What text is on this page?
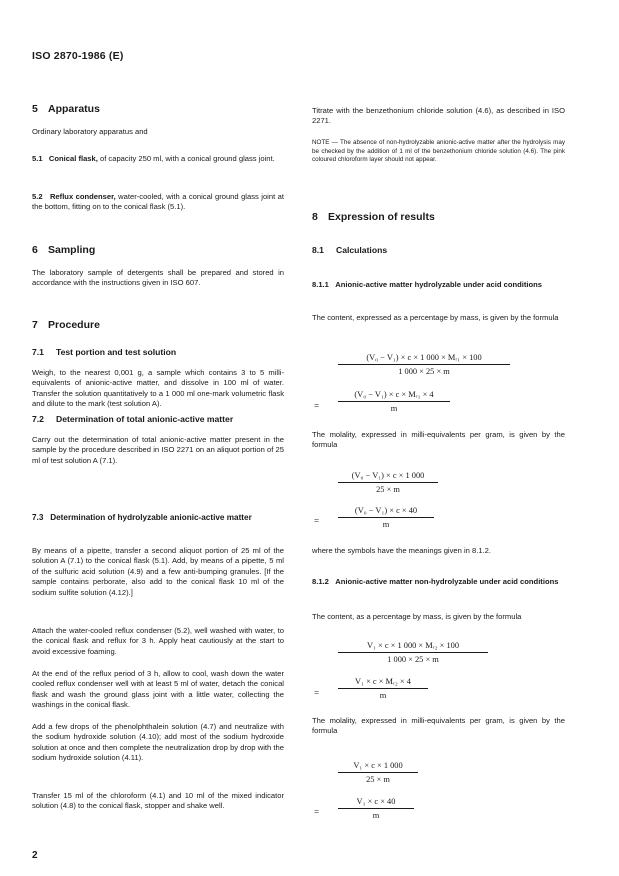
ISO 2870-1986 (E)
5 Apparatus

Ordinary laboratory apparatus and

5.1 Conical flask, of capacity 250 ml, with a conical ground glass joint.

5.2 Reflux condenser, water-cooled, with a conical ground glass joint at the bottom, fitting on to the conical flask (5.1).

6 Sampling

The laboratory sample of detergents shall be prepared and stored in accordance with the instructions given in ISO 607.

7 Procedure
7.1 Test portion and test solution

Weigh, to the nearest 0,001 g, a sample which contains 3 to 5 milli-equivalents of anionic-active matter, and dissolve in 100 ml of water. Transfer the solution quantitatively to a 1 000 ml one-mark volumetric flask and dilute to the mark (test solution A).

7.2 Determination of total anionic-active matter

Carry out the determination of total anionic-active matter present in the sample by the procedure described in ISO 2271 on an aliquot portion of 25 ml of test solution A (7.1).

7.3 Determination of hydrolyzable anionic-active matter

By means of a pipette, transfer a second aliquot portion of 25 ml of the solution A (7.1) to the conical flask (5.1). Add, by means of a pipette, 5 ml of the sulfuric acid solution (4.9) and a few anti-bumping granules. [If the sample contains perborate, also add to the conical flask 10 ml of the sodium sulfite solution (4.12).]

Attach the water-cooled reflux condenser (5.2), well washed with water, to the conical flask and reflux for 3 h. Apply heat cautiously at the start to avoid excessive foaming.

At the end of the reflux period of 3 h, allow to cool, wash down the water cooled reflux condenser well with at least 5 ml of water, detach the conical flask and wash the ground glass joint with a little water, collecting the washings in the conical flask.

Add a few drops of the phenolphthalein solution (4.7) and neutralize with the sodium hydroxide solution (4.10); add most of the sodium hydroxide solution at once and then complete the neutralization drop by drop with the sodium hydroxide solution (4.11).

Transfer 15 ml of the chloroform (4.1) and 10 ml of the mixed indicator solution (4.8) to the conical flask, stopper and shake well.

Titrate with the benzethonium chloride solution (4.6), as described in ISO 2271.

NOTE — The absence of non-hydrolyzable anionic-active matter after the hydrolysis may be checked by the addition of 1 ml of the benzethonium chloride solution (4.6). The pink coloured chloroform layer should not appear.

8 Expression of results
8.1 Calculations

8.1.1 Anionic-active matter hydrolyzable under acid conditions

The content, expressed as a percentage by mass, is given by the formula

$\frac{\text{(V₀ − V₁) × c × 1 000 × Mᵣ₁ × 100}}{1 000 \times 25 \times m}$
= $\frac{\text{(V₀ − V₁) × c × Mᵣ₁ × 4}}{m}$

The molality, expressed in milli-equivalents per gram, is given by the formula

$\frac{\text{(V₀ − V₁) × c × 1 000}}{25 \times m}$
= $\frac{\text{(V₀ − V₁) × c × 40}}{m}$

where the symbols have the meanings given in 8.1.2.

8.1.2 Anionic-active matter non-hydrolyzable under acid conditions

The content, as a percentage by mass, is given by the formula

$\frac{\text{V₁ × c × 1 000 × Mᵣ₂ × 100}}{1 000 \times 25 \times m}$
= $\frac{\text{V₁ × c × Mᵣ₂ × 4}}{m}$

The molality, expressed in milli-equivalents per gram, is given by the formula

$\frac{\text{V₁ × c × 1 000}}{25 \times m}$
= $\frac{\text{V₁ × c × 40}}{m}$
2
